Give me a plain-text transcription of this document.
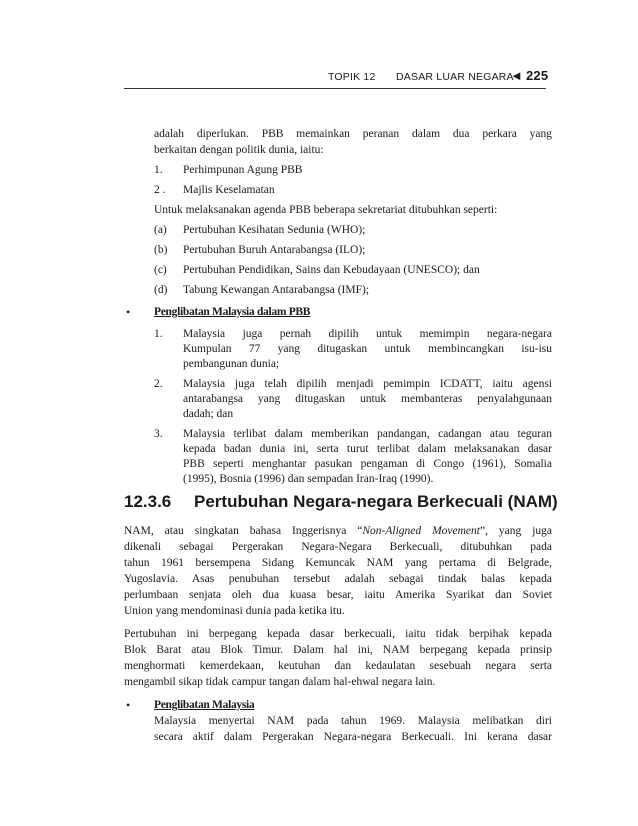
TOPIK 12 DASAR LUAR NEGARA
◄ 225
adalah diperlukan. PBB memainkan peranan dalam dua perkara yang
berkaitan dengan politik dunia, iaitu:
1. Perhimpunan Agung PBB
2 . Majlis Keselamatan
Untuk melaksanakan agenda PBB beberapa sekretariat ditubuhkan seperti:
(a) Pertubuhan Kesihatan Sedunia (WHO);
(b) Pertubuhan Buruh Antarabangsa (ILO);
(c) Pertubuhan Pendidikan, Sains dan Kebudayaan (UNESCO); dan
(d) Tabung Kewangan Antarabangsa (IMF);
• Penglibatan Malaysia dalam PBB
1. Malaysia juga pernah dipilih untuk memimpin negara-negara
Kumpulan 77 yang ditugaskan untuk membincangkan isu-isu
pembangunan dunia;
2. Malaysia juga telah dipilih menjadi pemimpin ICDATT, iaitu agensi
antarabangsa yang ditugaskan untuk membanteras penyalahgunaan
dadah; dan
3. Malaysia terlibat dalam memberikan pandangan, cadangan atau teguran
kepada badan dunia ini, serta turut terlibat dalam melaksanakan dasar
PBB seperti menghantar pasukan pengaman di Congo (1961), Somalia
(1995), Bosnia (1996) dan sempadan Iran-Iraq (1990).
12.3.6 Pertubuhan Negara-negara Berkecuali (NAM)
NAM, atau singkatan bahasa Inggerisnya “Non-Aligned Movement”, yang juga
dikenali sebagai Pergerakan Negara-Negara Berkecuali, ditubuhkan pada
tahun 1961 bersempena Sidang Kemuncak NAM yang pertama di Belgrade,
Yugoslavia. Asas penubuhan tersebut adalah sebagai tindak balas kepada
perlumbaan senjata oleh dua kuasa besar, iaitu Amerika Syarikat dan Soviet
Union yang mendominasi dunia pada ketika itu.
Pertubuhan ini berpegang kepada dasar berkecuali, iaitu tidak berpihak kepada
Blok Barat atau Blok Timur. Dalam hal ini, NAM berpegang kepada prinsip
menghormati kemerdekaan, keutuhan dan kedaulatan sesebuah negara serta
mengambil sikap tidak campur tangan dalam hal-ehwal negara lain.
• Penglibatan Malaysia
Malaysia menyertai NAM pada tahun 1969. Malaysia melibatkan diri
secara aktif dalam Pergerakan Negara-negara Berkecuali. Ini kerana dasar
